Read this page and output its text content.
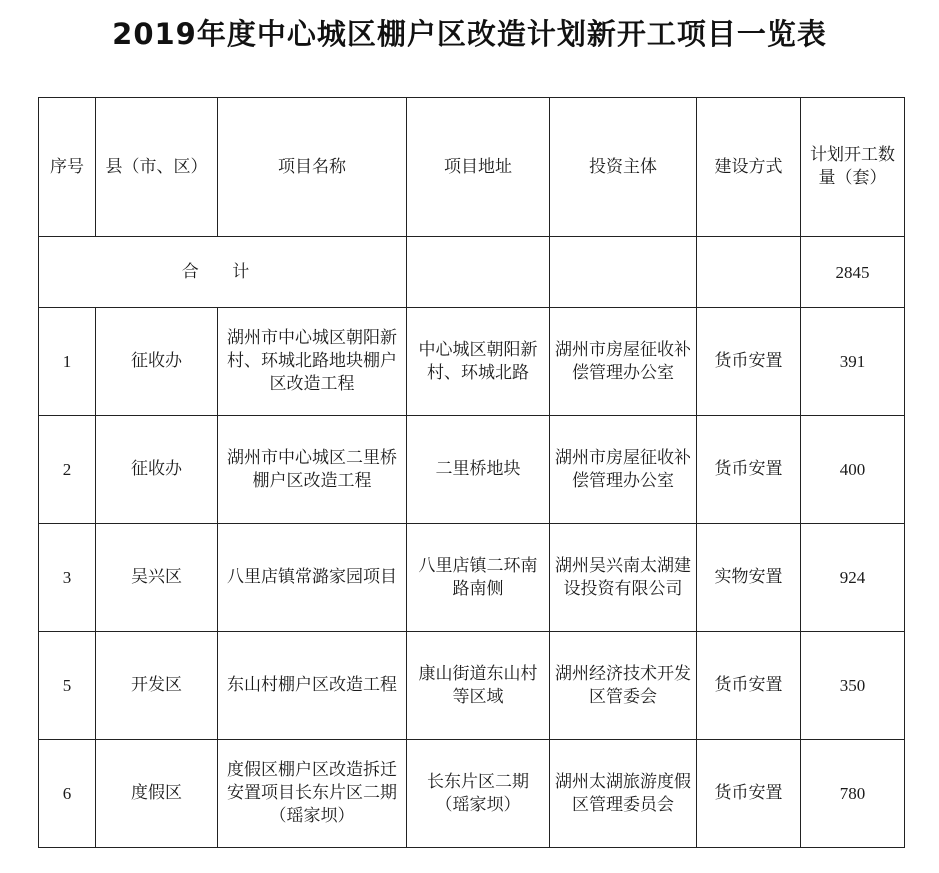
2019年度中心城区棚户区改造计划新开工项目一览表
序号	县（市、区）	项目名称	项目地址	投资主体	建设方式	计划开工数量（套）
合 计						2845
1	征收办	湖州市中心城区朝阳新村、环城北路地块棚户区改造工程	中心城区朝阳新村、环城北路	湖州市房屋征收补偿管理办公室	货币安置	391
2	征收办	湖州市中心城区二里桥棚户区改造工程	二里桥地块	湖州市房屋征收补偿管理办公室	货币安置	400
3	吴兴区	八里店镇常潞家园项目	八里店镇二环南路南侧	湖州吴兴南太湖建设投资有限公司	实物安置	924
5	开发区	东山村棚户区改造工程	康山街道东山村等区域	湖州经济技术开发区管委会	货币安置	350
6	度假区	度假区棚户区改造拆迁安置项目长东片区二期（瑶家坝）	长东片区二期（瑶家坝）	湖州太湖旅游度假区管理委员会	货币安置	780
